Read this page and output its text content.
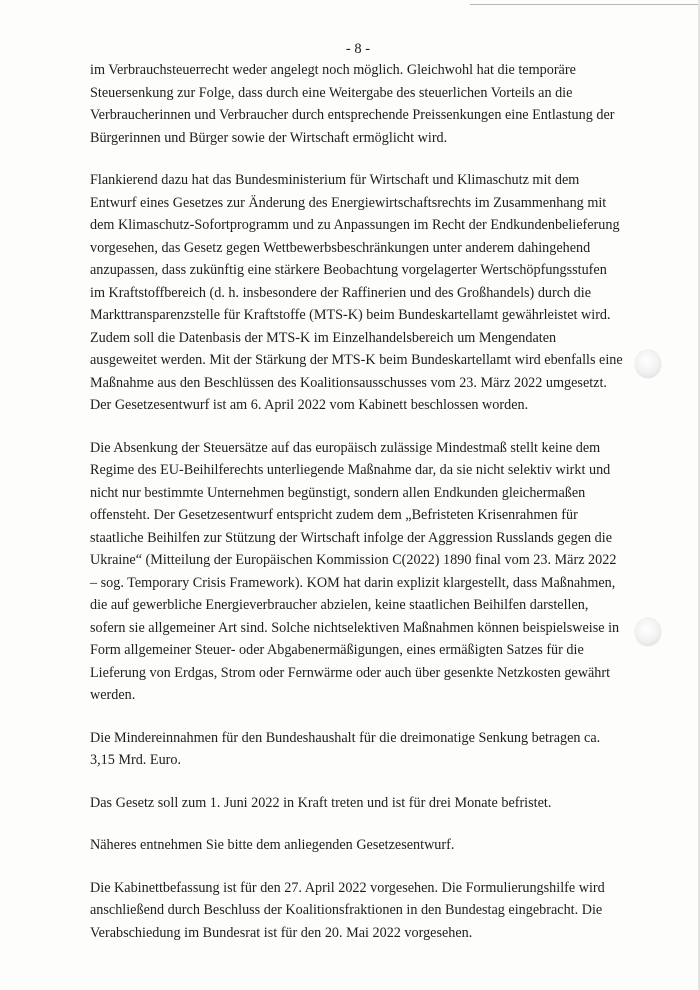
- 8 -

im Verbrauchsteuerrecht weder angelegt noch möglich. Gleichwohl hat die temporäre
Steuersenkung zur Folge, dass durch eine Weitergabe des steuerlichen Vorteils an die
Verbraucherinnen und Verbraucher durch entsprechende Preissenkungen eine Entlastung der
Bürgerinnen und Bürger sowie der Wirtschaft ermöglicht wird.

Flankierend dazu hat das Bundesministerium für Wirtschaft und Klimaschutz mit dem
Entwurf eines Gesetzes zur Änderung des Energiewirtschaftsrechts im Zusammenhang mit
dem Klimaschutz-Sofortprogramm und zu Anpassungen im Recht der Endkundenbelieferung
vorgesehen, das Gesetz gegen Wettbewerbsbeschränkungen unter anderem dahingehend
anzupassen, dass zukünftig eine stärkere Beobachtung vorgelagerter Wertschöpfungsstufen
im Kraftstoffbereich (d. h. insbesondere der Raffinerien und des Großhandels) durch die
Markttransparenzstelle für Kraftstoffe (MTS-K) beim Bundeskartellamt gewährleistet wird.
Zudem soll die Datenbasis der MTS-K im Einzelhandelsbereich um Mengendaten
ausgeweitet werden. Mit der Stärkung der MTS-K beim Bundeskartellamt wird ebenfalls eine
Maßnahme aus den Beschlüssen des Koalitionsausschusses vom 23. März 2022 umgesetzt.
Der Gesetzesentwurf ist am 6. April 2022 vom Kabinett beschlossen worden.

Die Absenkung der Steuersätze auf das europäisch zulässige Mindestmaß stellt keine dem
Regime des EU-Beihilferechts unterliegende Maßnahme dar, da sie nicht selektiv wirkt und
nicht nur bestimmte Unternehmen begünstigt, sondern allen Endkunden gleichermaßen
offensteht. Der Gesetzesentwurf entspricht zudem dem „Befristeten Krisenrahmen für
staatliche Beihilfen zur Stützung der Wirtschaft infolge der Aggression Russlands gegen die
Ukraine“ (Mitteilung der Europäischen Kommission C(2022) 1890 final vom 23. März 2022
– sog. Temporary Crisis Framework). KOM hat darin explizit klargestellt, dass Maßnahmen,
die auf gewerbliche Energieverbraucher abzielen, keine staatlichen Beihilfen darstellen,
sofern sie allgemeiner Art sind. Solche nichtselektiven Maßnahmen können beispielsweise in
Form allgemeiner Steuer- oder Abgabenermäßigungen, eines ermäßigten Satzes für die
Lieferung von Erdgas, Strom oder Fernwärme oder auch über gesenkte Netzkosten gewährt
werden.

Die Mindereinnahmen für den Bundeshaushalt für die dreimonatige Senkung betragen ca.
3,15 Mrd. Euro.

Das Gesetz soll zum 1. Juni 2022 in Kraft treten und ist für drei Monate befristet.

Näheres entnehmen Sie bitte dem anliegenden Gesetzesentwurf.

Die Kabinettbefassung ist für den 27. April 2022 vorgesehen. Die Formulierungshilfe wird
anschließend durch Beschluss der Koalitionsfraktionen in den Bundestag eingebracht. Die
Verabschiedung im Bundesrat ist für den 20. Mai 2022 vorgesehen.
